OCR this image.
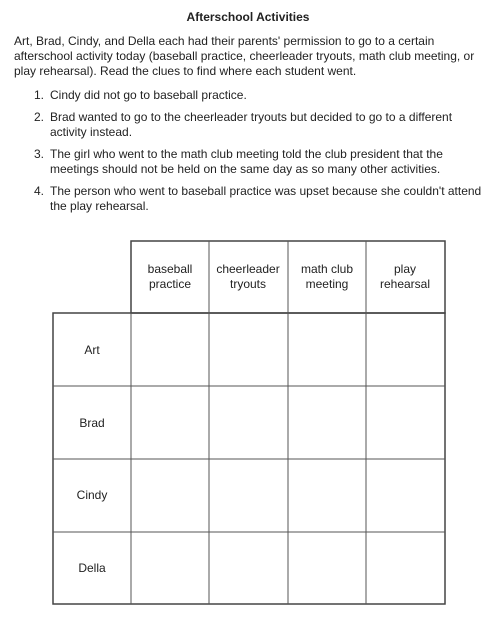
Afterschool Activities
Art, Brad, Cindy, and Della each had their parents' permission to go to a certain afterschool activity today (baseball practice, cheerleader tryouts, math club meeting, or play rehearsal). Read the clues to find where each student went.
1. Cindy did not go to baseball practice.
2. Brad wanted to go to the cheerleader tryouts but decided to go to a different activity instead.
3. The girl who went to the math club meeting told the club president that the meetings should not be held on the same day as so many other activities.
4. The person who went to baseball practice was upset because she couldn't attend the play rehearsal.
baseball
practice
cheerleader
tryouts
math club
meeting
play
rehearsal
Art
Brad
Cindy
Della
